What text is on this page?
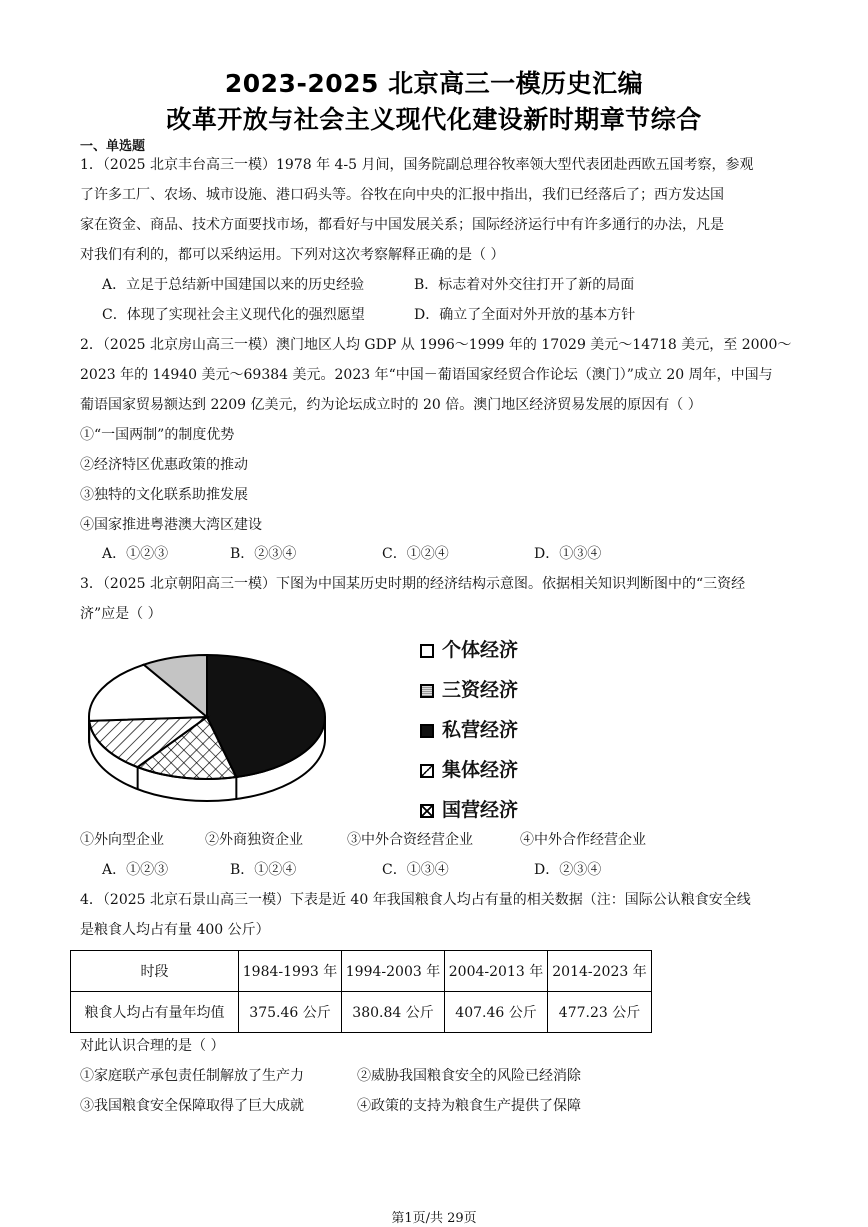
2023-2025 北京高三一模历史汇编
改革开放与社会主义现代化建设新时期章节综合
一、单选题
1．（2025 北京丰台高三一模）1978 年 4-5 月间，国务院副总理谷牧率领大型代表团赴西欧五国考察，参观
了许多工厂、农场、城市设施、港口码头等。谷牧在向中央的汇报中指出，我们已经落后了；西方发达国
家在资金、商品、技术方面要找市场，都看好与中国发展关系；国际经济运行中有许多通行的办法，凡是
对我们有利的，都可以采纳运用。下列对这次考察解释正确的是（ ）
A．立足于总结新中国建国以来的历史经验	B．标志着对外交往打开了新的局面
C．体现了实现社会主义现代化的强烈愿望	D．确立了全面对外开放的基本方针
2．（2025 北京房山高三一模）澳门地区人均 GDP 从 1996～1999 年的 17029 美元～14718 美元，至 2000～
2023 年的 14940 美元～69384 美元。2023 年“中国－葡语国家经贸合作论坛（澳门）”成立 20 周年，中国与
葡语国家贸易额达到 2209 亿美元，约为论坛成立时的 20 倍。澳门地区经济贸易发展的原因有（ ）
①“一国两制”的制度优势
②经济特区优惠政策的推动
③独特的文化联系助推发展
④国家推进粤港澳大湾区建设
A．①②③	B．②③④	C．①②④	D．①③④
3．（2025 北京朝阳高三一模）下图为中国某历史时期的经济结构示意图。依据相关知识判断图中的“三资经
济”应是（ ）
个体经济
三资经济
私营经济
集体经济
国营经济
①外向型企业	②外商独资企业	③中外合资经营企业	④中外合作经营企业
A．①②③	B．①②④	C．①③④	D．②③④
4．（2025 北京石景山高三一模）下表是近 40 年我国粮食人均占有量的相关数据（注：国际公认粮食安全线
是粮食人均占有量 400 公斤）
时段	1984-1993 年	1994-2003 年	2004-2013 年	2014-2023 年
粮食人均占有量年均值	375.46 公斤	380.84 公斤	407.46 公斤	477.23 公斤
对此认识合理的是（ ）
①家庭联产承包责任制解放了生产力	②威胁我国粮食安全的风险已经消除
③我国粮食安全保障取得了巨大成就	④政策的支持为粮食生产提供了保障
第1页/共 29页
